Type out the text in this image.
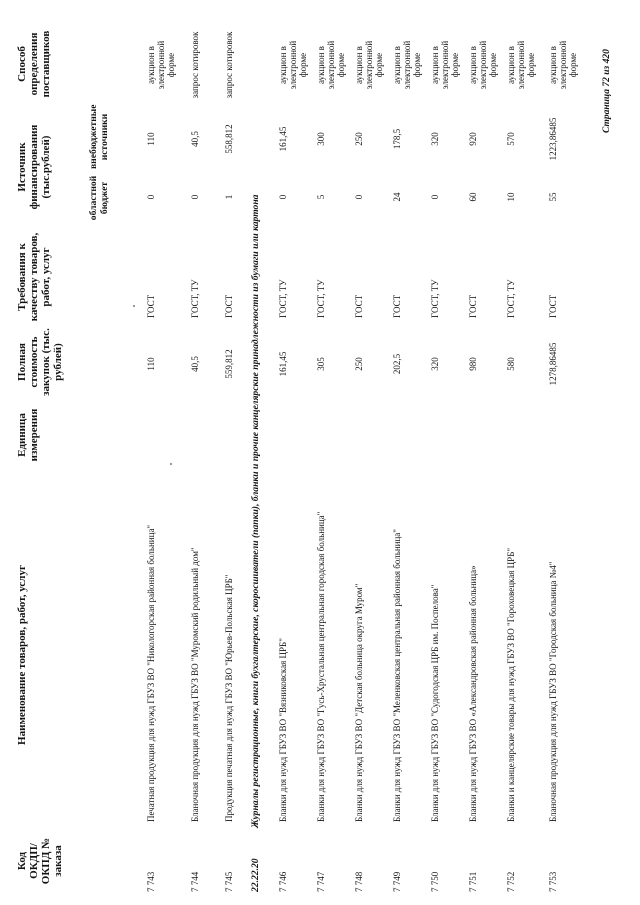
Код ОКДП/ ОКПД № заказа
Наименование товаров, работ, услуг
Единица измерения
Полная стоимость закупок (тыс. рублей)
Требования к качеству товаров, работ, услуг
Источник финансирования (тыс.рублей)	областной бюджет
внебюджетные источники
Способ определения поставщиков
7 743
Печатная продукция для нужд ГБУЗ ВО "Никологорская районная больница"
110
ГОСТ
0
110
аукцион в электронной форме
7 744
Бланочная продукция для нужд ГБУЗ ВО "Муромский родильный дом"
40,5
ГОСТ, ТУ
0
40,5
запрос котировок
7 745
Продукция печатная для нужд ГБУЗ ВО "Юрьев-Польская ЦРБ"
559,812
ГОСТ
1
558,812
запрос котировок
22.22.20Журналы регистрационные, книги бухгалтерские, скоросшиватели (папки), бланки и прочие канцелярские принадлежности из бумаги или картона
7 746
Бланки для нужд ГБУЗ ВО "Вязниковская ЦРБ"
161,45
ГОСТ, ТУ
0
161,45
аукцион в электронной форме
7 747
Бланки для нужд ГБУЗ ВО "Гусь-Хрустальная центральная городская больница"
305
ГОСТ, ТУ
5
300
аукцион в электронной форме
7 748
Бланки для нужд ГБУЗ ВО "Детская больница округа Муром"
250
ГОСТ
0
250
аукцион в электронной форме
7 749
Бланки для нужд ГБУЗ ВО "Меленковская центральная районная больница"
202,5
ГОСТ
24
178,5
аукцион в электронной форме
7 750
Бланки для нужд ГБУЗ ВО "Судогодская ЦРБ им. Поспелова"
320
ГОСТ, ТУ
0
320
аукцион в электронной форме
7 751
Бланки для нужд ГБУЗ ВО «Александровская районная больница»
980
ГОСТ
60
920
аукцион в электронной форме
7 752
Бланки и канцелярские товары для нужд ГБУЗ ВО "Гороховецкая ЦРБ"
580
ГОСТ, ТУ
10
570
аукцион в электронной форме
7 753
Бланочная продукция для нужд ГБУЗ ВО "Городская больница №4"
1278,86485
ГОСТ
55
1223,86485
аукцион в электронной форме	Страница 72 из 420
